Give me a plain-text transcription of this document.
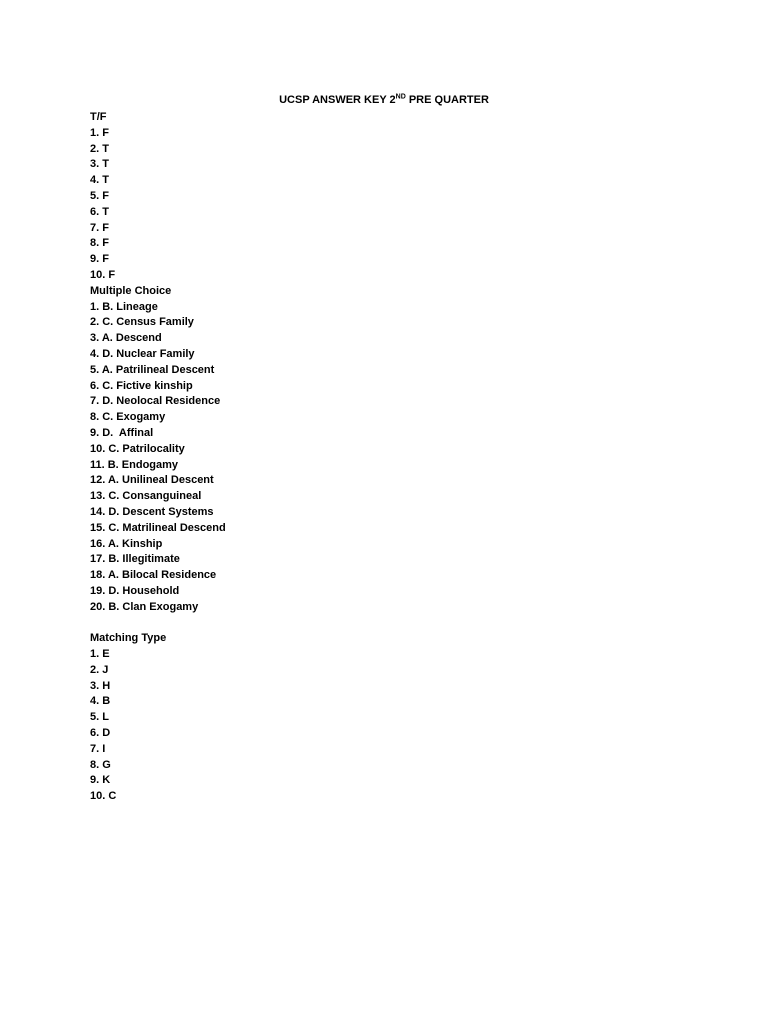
UCSP ANSWER KEY 2ND PRE QUARTER
T/F
1. F
2. T
3. T
4. T
5. F
6. T
7. F
8. F
9. F
10. F
Multiple Choice
1. B. Lineage
2. C. Census Family
3. A. Descend
4. D. Nuclear Family
5. A. Patrilineal Descent
6. C. Fictive kinship
7. D. Neolocal Residence
8. C. Exogamy
9. D.  Affinal
10. C. Patrilocality
11. B. Endogamy
12. A. Unilineal Descent
13. C. Consanguineal
14. D. Descent Systems
15. C. Matrilineal Descend
16. A. Kinship
17. B. Illegitimate
18. A. Bilocal Residence
19. D. Household
20. B. Clan Exogamy
Matching Type
1. E
2. J
3. H
4. B
5. L
6. D
7. I
8. G
9. K
10. C
